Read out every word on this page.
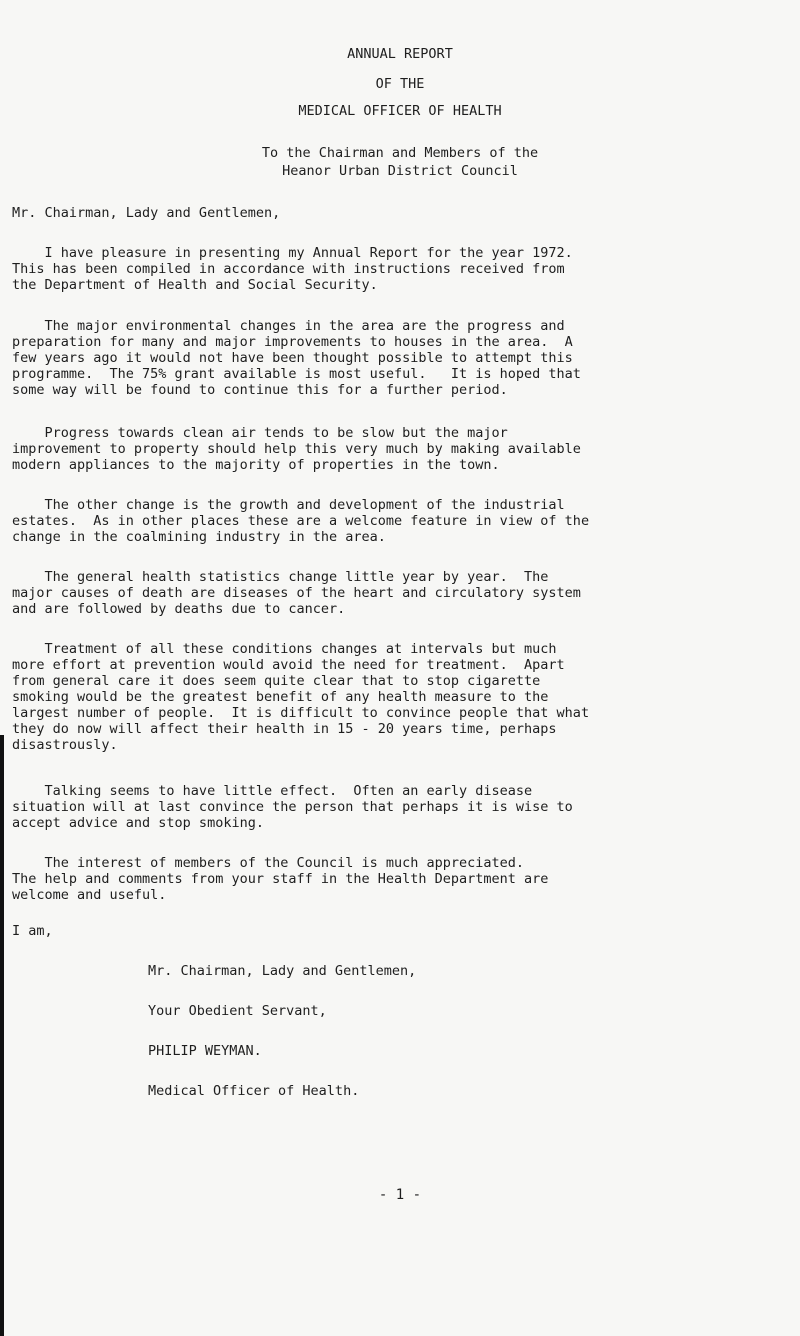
ANNUAL REPORT
OF THE
MEDICAL OFFICER OF HEALTH
To the Chairman and Members of the
Heanor Urban District Council
Mr. Chairman, Lady and Gentlemen,
I have pleasure in presenting my Annual Report for the year 1972.
This has been compiled in accordance with instructions received from
the Department of Health and Social Security.
The major environmental changes in the area are the progress and
preparation for many and major improvements to houses in the area.  A
few years ago it would not have been thought possible to attempt this
programme.  The 75% grant available is most useful.   It is hoped that
some way will be found to continue this for a further period.
Progress towards clean air tends to be slow but the major
improvement to property should help this very much by making available
modern appliances to the majority of properties in the town.
The other change is the growth and development of the industrial
estates.  As in other places these are a welcome feature in view of the
change in the coalmining industry in the area.
The general health statistics change little year by year.  The
major causes of death are diseases of the heart and circulatory system
and are followed by deaths due to cancer.
Treatment of all these conditions changes at intervals but much
more effort at prevention would avoid the need for treatment.  Apart
from general care it does seem quite clear that to stop cigarette
smoking would be the greatest benefit of any health measure to the
largest number of people.  It is difficult to convince people that what
they do now will affect their health in 15 - 20 years time, perhaps
disastrously.
Talking seems to have little effect.  Often an early disease
situation will at last convince the person that perhaps it is wise to
accept advice and stop smoking.
The interest of members of the Council is much appreciated.
The help and comments from your staff in the Health Department are
welcome and useful.
I am,
Mr. Chairman, Lady and Gentlemen,
Your Obedient Servant,
PHILIP WEYMAN.
Medical Officer of Health.
- 1 -
